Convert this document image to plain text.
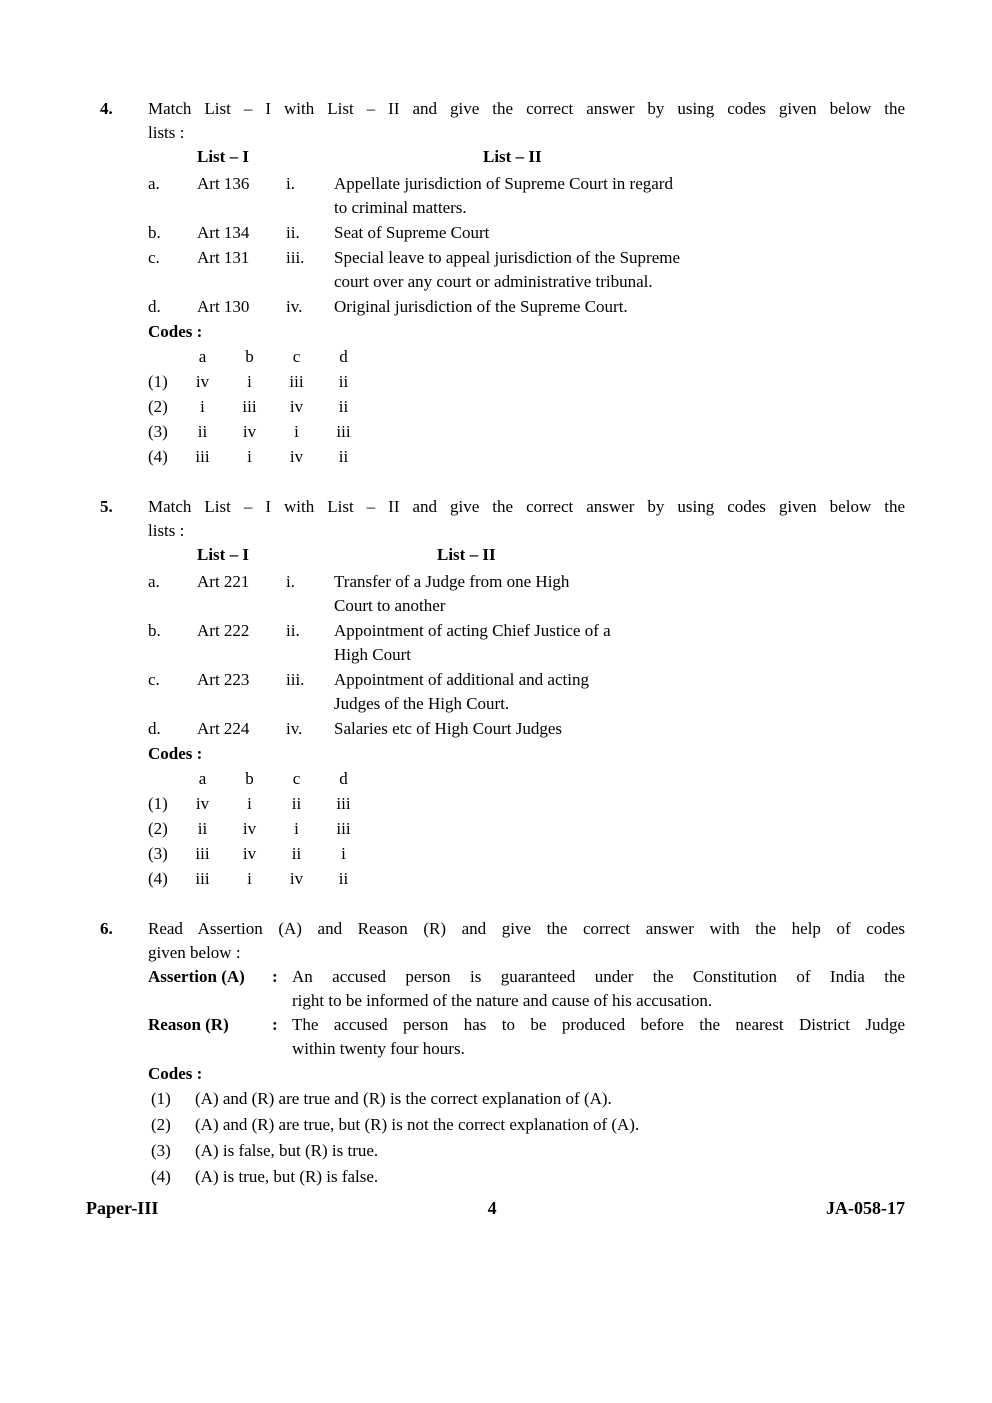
4.	Match List – I with List – II and give the correct answer by using codes given below the
lists :
List – I	List – II
a.	Art 136	i.	Appellate jurisdiction of Supreme Court in regard
to criminal matters.
b.	Art 134	ii.	Seat of Supreme Court
c.	Art 131	iii.	Special leave to appeal jurisdiction of the Supreme
court over any court or administrative tribunal.
d.	Art 130	iv.	Original jurisdiction of the Supreme Court.
Codes :
a	b	c	d
(1)	iv	i	iii	ii
(2)	i	iii	iv	ii
(3)	ii	iv	i	iii
(4)	iii	i	iv	ii
5.	Match List – I with List – II and give the correct answer by using codes given below the
lists :
List – I	List – II
a.	Art 221	i.	Transfer of a Judge from one High
Court to another
b.	Art 222	ii.	Appointment of acting Chief Justice of a
High Court
c.	Art 223	iii.	Appointment of additional and acting
Judges of the High Court.
d.	Art 224	iv.	Salaries etc of High Court Judges
Codes :
a	b	c	d
(1)	iv	i	ii	iii
(2)	ii	iv	i	iii
(3)	iii	iv	ii	i
(4)	iii	i	iv	ii
6.	Read Assertion (A) and Reason (R) and give the correct answer with the help of codes
given below :
Assertion (A)	: An accused person is guaranteed under the Constitution of India the
right to be informed of the nature and cause of his accusation.
Reason (R)	: The accused person has to be produced before the nearest District Judge
within twenty four hours.
Codes :
(1)	(A) and (R) are true and (R) is the correct explanation of (A).
(2)	(A) and (R) are true, but (R) is not the correct explanation of (A).
(3)	(A) is false, but (R) is true.
(4)	(A) is true, but (R) is false.
Paper-III	4	JA-058-17
